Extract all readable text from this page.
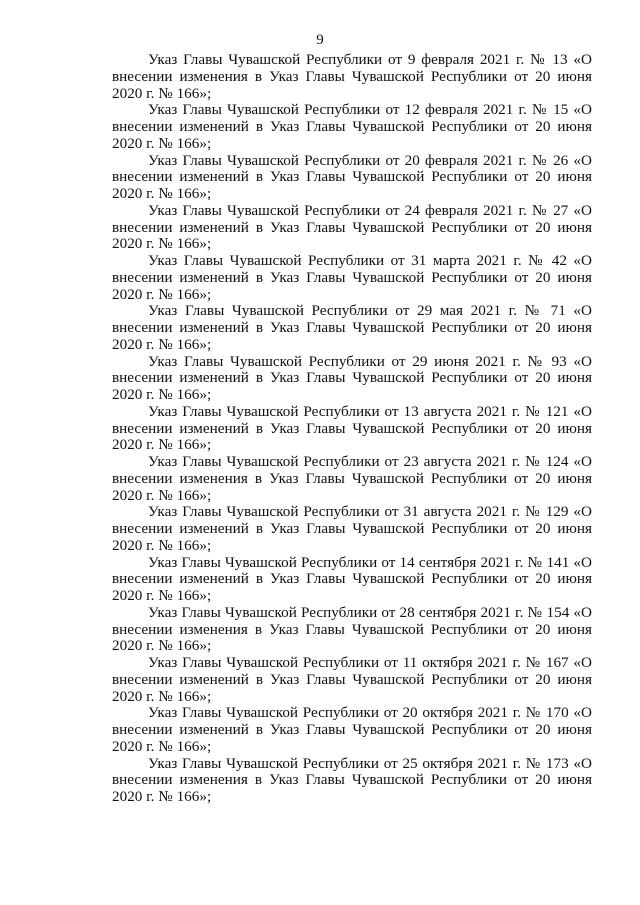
9

Указ Главы Чувашской Республики от 9 февраля 2021 г. № 13 «О внесении изменения в Указ Главы Чувашской Республики от 20 июня 2020 г. № 166»;

Указ Главы Чувашской Республики от 12 февраля 2021 г. № 15 «О внесении изменений в Указ Главы Чувашской Республики от 20 июня 2020 г. № 166»;

Указ Главы Чувашской Республики от 20 февраля 2021 г. № 26 «О внесении изменений в Указ Главы Чувашской Республики от 20 июня 2020 г. № 166»;

Указ Главы Чувашской Республики от 24 февраля 2021 г. № 27 «О внесении изменений в Указ Главы Чувашской Республики от 20 июня 2020 г. № 166»;

Указ Главы Чувашской Республики от 31 марта 2021 г. № 42 «О внесении изменений в Указ Главы Чувашской Республики от 20 июня 2020 г. № 166»;

Указ Главы Чувашской Республики от 29 мая 2021 г. № 71 «О внесении изменений в Указ Главы Чувашской Республики от 20 июня 2020 г. № 166»;

Указ Главы Чувашской Республики от 29 июня 2021 г. № 93 «О внесении изменений в Указ Главы Чувашской Республики от 20 июня 2020 г. № 166»;

Указ Главы Чувашской Республики от 13 августа 2021 г. № 121 «О внесении изменений в Указ Главы Чувашской Республики от 20 июня 2020 г. № 166»;

Указ Главы Чувашской Республики от 23 августа 2021 г. № 124 «О внесении изменения в Указ Главы Чувашской Республики от 20 июня 2020 г. № 166»;

Указ Главы Чувашской Республики от 31 августа 2021 г. № 129 «О внесении изменений в Указ Главы Чувашской Республики от 20 июня 2020 г. № 166»;

Указ Главы Чувашской Республики от 14 сентября 2021 г. № 141 «О внесении изменений в Указ Главы Чувашской Республики от 20 июня 2020 г. № 166»;

Указ Главы Чувашской Республики от 28 сентября 2021 г. № 154 «О внесении изменения в Указ Главы Чувашской Республики от 20 июня 2020 г. № 166»;

Указ Главы Чувашской Республики от 11 октября 2021 г. № 167 «О внесении изменений в Указ Главы Чувашской Республики от 20 июня 2020 г. № 166»;

Указ Главы Чувашской Республики от 20 октября 2021 г. № 170 «О внесении изменений в Указ Главы Чувашской Республики от 20 июня 2020 г. № 166»;

Указ Главы Чувашской Республики от 25 октября 2021 г. № 173 «О внесении изменения в Указ Главы Чувашской Республики от 20 июня 2020 г. № 166»;
